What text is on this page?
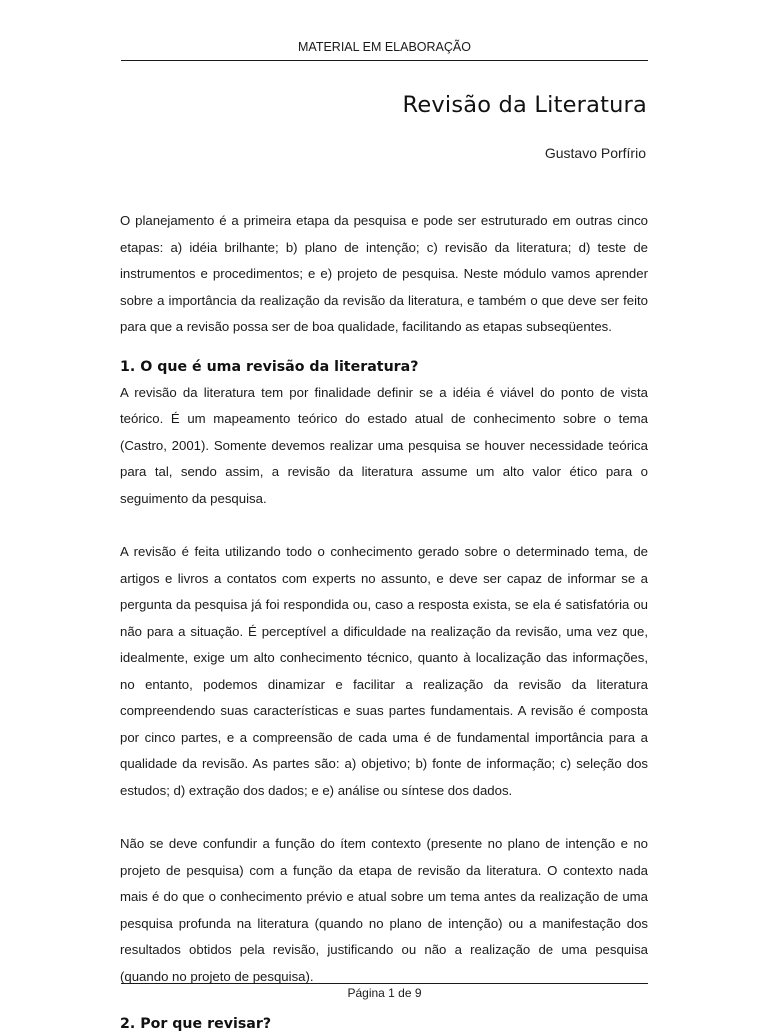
MATERIAL EM ELABORAÇÃO
Revisão da Literatura
Gustavo Porfírio

O planejamento é a primeira etapa da pesquisa e pode ser estruturado em outras cinco etapas: a) idéia brilhante; b) plano de intenção; c) revisão da literatura; d) teste de instrumentos e procedimentos; e e) projeto de pesquisa. Neste módulo vamos aprender sobre a importância da realização da revisão da literatura, e também o que deve ser feito para que a revisão possa ser de boa qualidade, facilitando as etapas subseqüentes.

1. O que é uma revisão da literatura?

A revisão da literatura tem por finalidade definir se a idéia é viável do ponto de vista teórico. É um mapeamento teórico do estado atual de conhecimento sobre o tema (Castro, 2001). Somente devemos realizar uma pesquisa se houver necessidade teórica para tal, sendo assim, a revisão da literatura assume um alto valor ético para o seguimento da pesquisa.

A revisão é feita utilizando todo o conhecimento gerado sobre o determinado tema, de artigos e livros a contatos com experts no assunto, e deve ser capaz de informar se a pergunta da pesquisa já foi respondida ou, caso a resposta exista, se ela é satisfatória ou não para a situação. É perceptível a dificuldade na realização da revisão, uma vez que, idealmente, exige um alto conhecimento técnico, quanto à localização das informações, no entanto, podemos dinamizar e facilitar a realização da revisão da literatura compreendendo suas características e suas partes fundamentais. A revisão é composta por cinco partes, e a compreensão de cada uma é de fundamental importância para a qualidade da revisão. As partes são: a) objetivo; b) fonte de informação; c) seleção dos estudos; d) extração dos dados; e e) análise ou síntese dos dados.

Não se deve confundir a função do ítem contexto (presente no plano de intenção e no projeto de pesquisa) com a função da etapa de revisão da literatura. O contexto nada mais é do que o conhecimento prévio e atual sobre um tema antes da realização de uma pesquisa profunda na literatura (quando no plano de intenção) ou a manifestação dos resultados obtidos pela revisão, justificando ou não a realização de uma pesquisa (quando no projeto de pesquisa).

2. Por que revisar?
Página 1 de 9
